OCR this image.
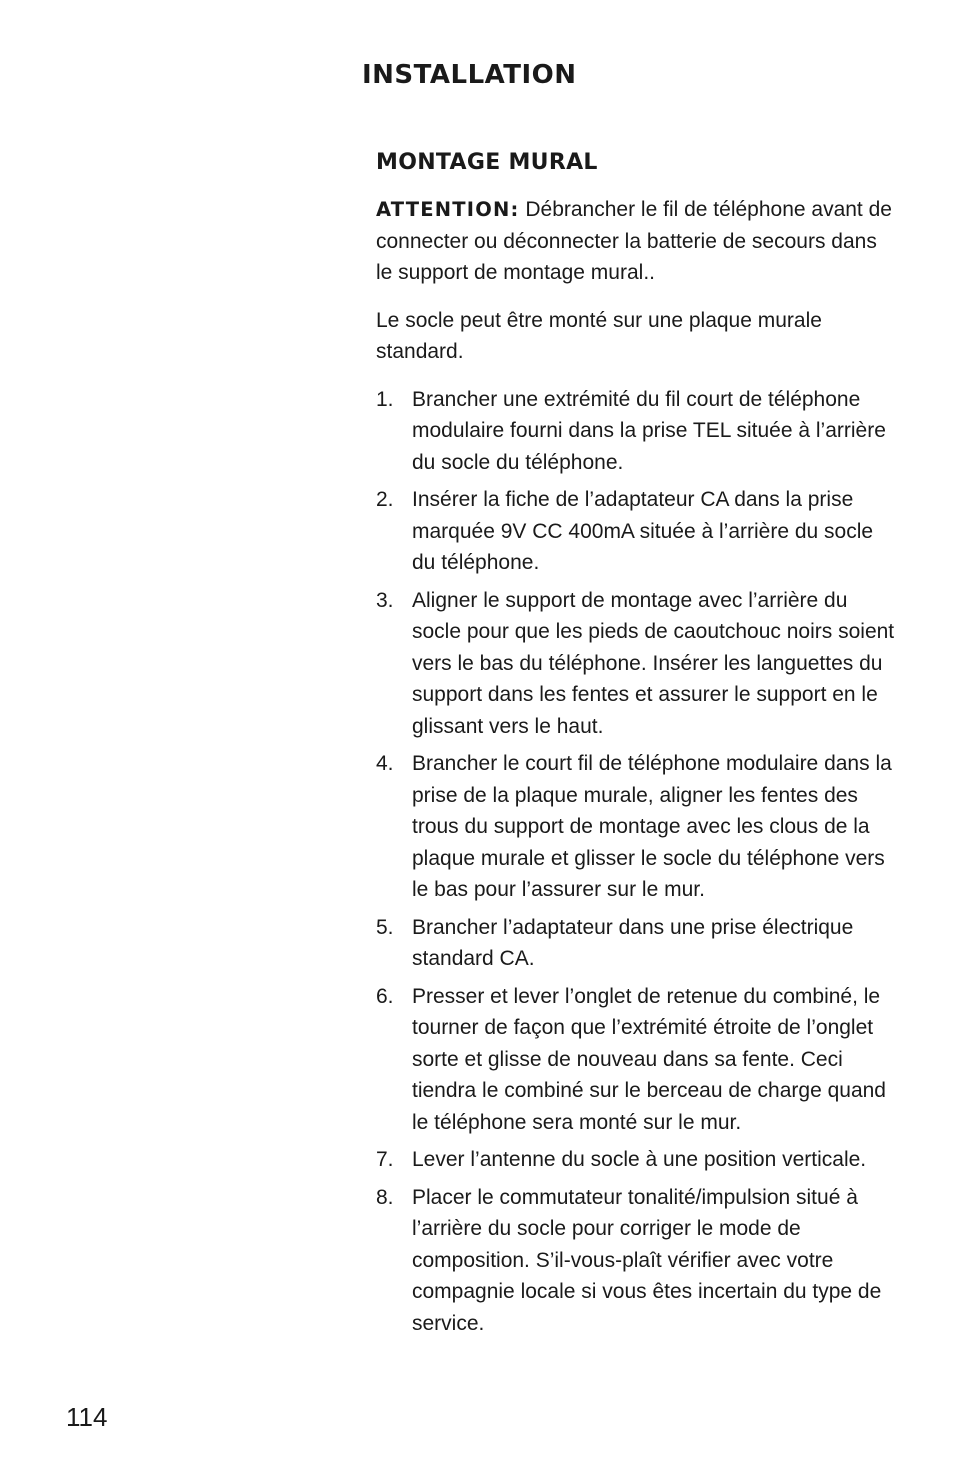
INSTALLATION
MONTAGE MURAL

ATTENTION: Débrancher le fil de téléphone avant de connecter ou déconnecter la batterie de secours dans le support de montage mural..

Le socle peut être monté sur une plaque murale standard.

1. Brancher une extrémité du fil court de téléphone modulaire fourni dans la prise TEL située à l’arrière du socle du téléphone.
2. Insérer la fiche de l’adaptateur CA dans la prise marquée 9V CC 400mA située à l’arrière du socle du téléphone.
3. Aligner le support de montage avec l’arrière du socle pour que les pieds de caoutchouc noirs soient vers le bas du téléphone. Insérer les languettes du support dans les fentes et assurer le support en le glissant vers le haut.
4. Brancher le court fil de téléphone modulaire dans la prise de la plaque murale, aligner les fentes des trous du support de montage avec les clous de la plaque murale et glisser le socle du téléphone vers le bas pour l’assurer sur le mur.
5. Brancher l’adaptateur dans une prise électrique standard CA.
6. Presser et lever l’onglet de retenue du combiné, le tourner de façon que l’extrémité étroite de l’onglet sorte et glisse de nouveau dans sa fente. Ceci tiendra le combiné sur le berceau de charge quand le téléphone sera monté sur le mur.
7. Lever l’antenne du socle à une position verticale.
8. Placer le commutateur tonalité/impulsion situé à l’arrière du socle pour corriger le mode de composition. S’il-vous-plaît vérifier avec votre compagnie locale si vous êtes incertain du type de service.
114
